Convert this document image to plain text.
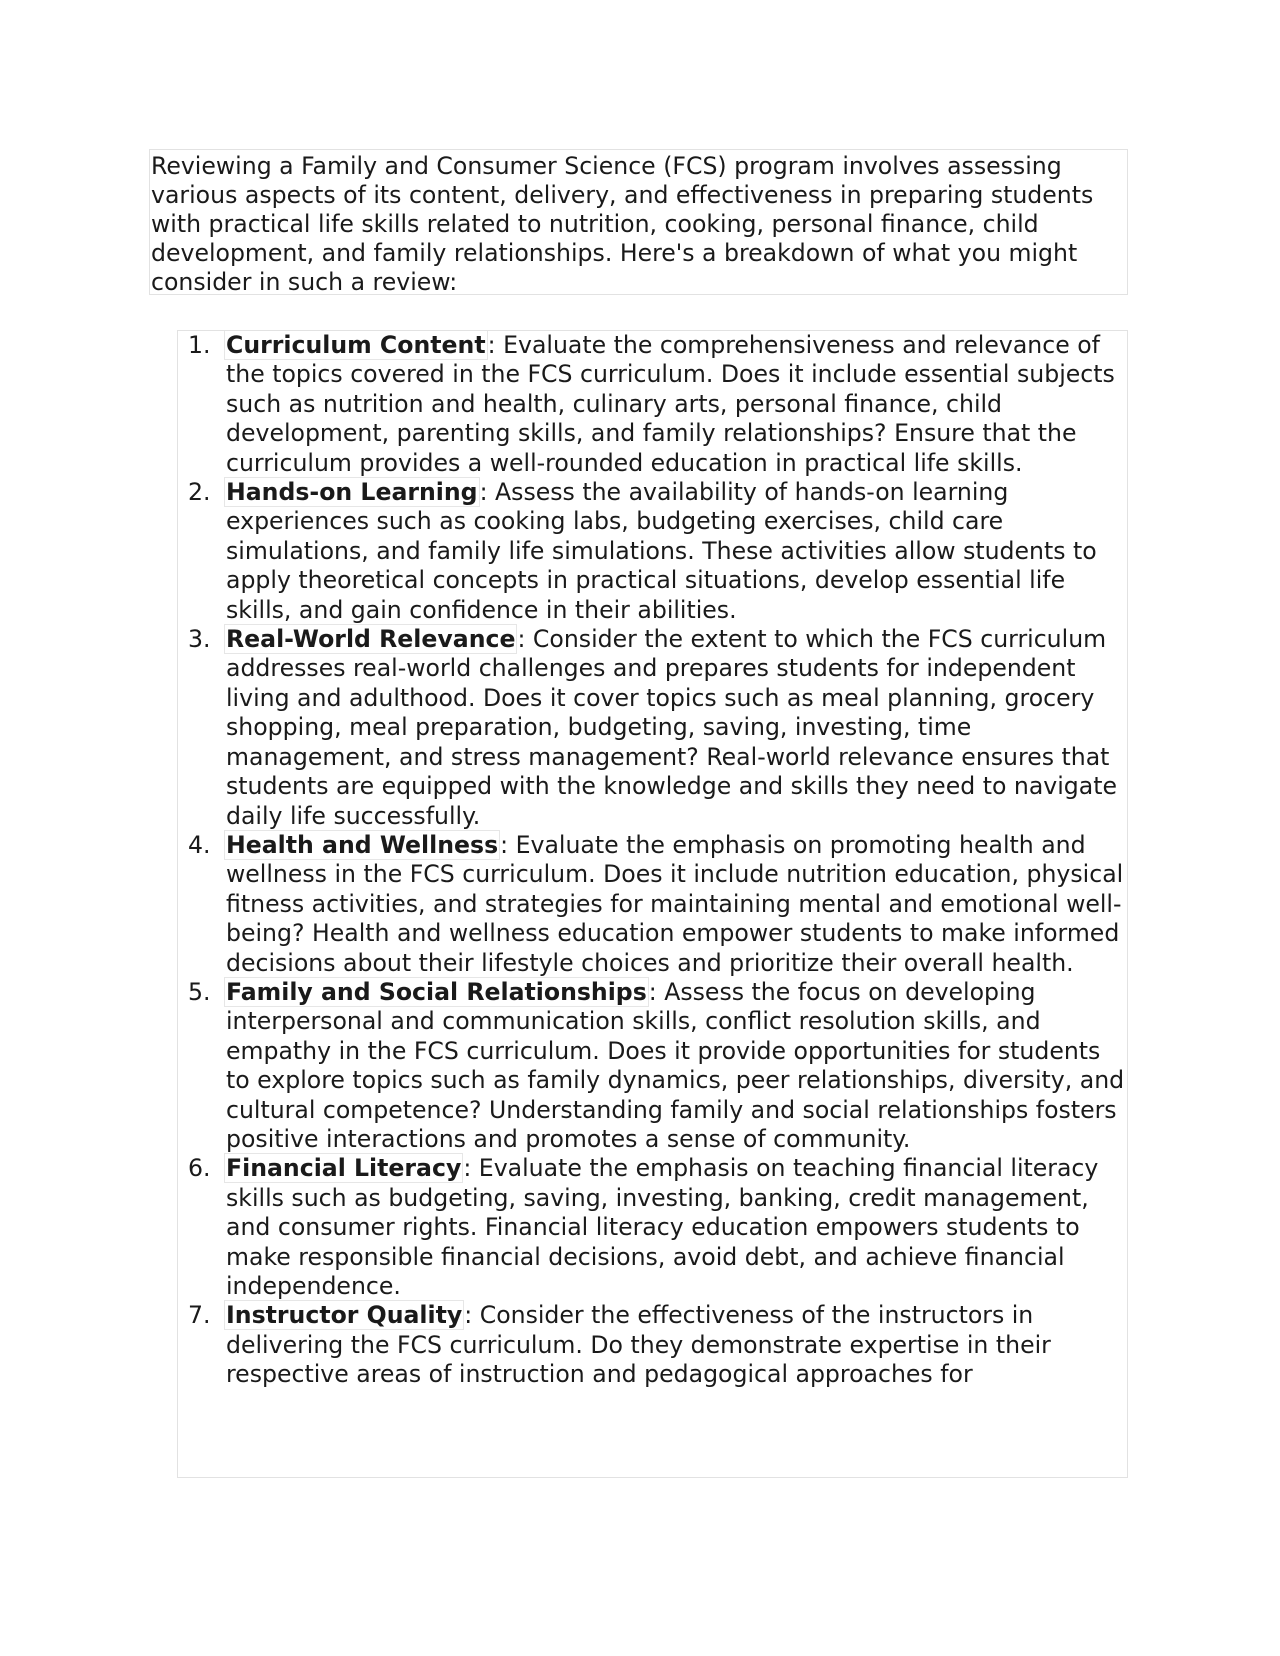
Reviewing a Family and Consumer Science (FCS) program involves assessing various aspects of its content, delivery, and effectiveness in preparing students with practical life skills related to nutrition, cooking, personal finance, child development, and family relationships. Here's a breakdown of what you might consider in such a review:
1. Curriculum Content: Evaluate the comprehensiveness and relevance of the topics covered in the FCS curriculum. Does it include essential subjects such as nutrition and health, culinary arts, personal finance, child development, parenting skills, and family relationships? Ensure that the curriculum provides a well-rounded education in practical life skills.
2. Hands-on Learning: Assess the availability of hands-on learning experiences such as cooking labs, budgeting exercises, child care simulations, and family life simulations. These activities allow students to apply theoretical concepts in practical situations, develop essential life skills, and gain confidence in their abilities.
3. Real-World Relevance: Consider the extent to which the FCS curriculum addresses real-world challenges and prepares students for independent living and adulthood. Does it cover topics such as meal planning, grocery shopping, meal preparation, budgeting, saving, investing, time management, and stress management? Real-world relevance ensures that students are equipped with the knowledge and skills they need to navigate daily life successfully.
4. Health and Wellness: Evaluate the emphasis on promoting health and wellness in the FCS curriculum. Does it include nutrition education, physical fitness activities, and strategies for maintaining mental and emotional well-being? Health and wellness education empower students to make informed decisions about their lifestyle choices and prioritize their overall health.
5. Family and Social Relationships: Assess the focus on developing interpersonal and communication skills, conflict resolution skills, and empathy in the FCS curriculum. Does it provide opportunities for students to explore topics such as family dynamics, peer relationships, diversity, and cultural competence? Understanding family and social relationships fosters positive interactions and promotes a sense of community.
6. Financial Literacy: Evaluate the emphasis on teaching financial literacy skills such as budgeting, saving, investing, banking, credit management, and consumer rights. Financial literacy education empowers students to make responsible financial decisions, avoid debt, and achieve financial independence.
7. Instructor Quality: Consider the effectiveness of the instructors in delivering the FCS curriculum. Do they demonstrate expertise in their respective areas of instruction and pedagogical approaches for
